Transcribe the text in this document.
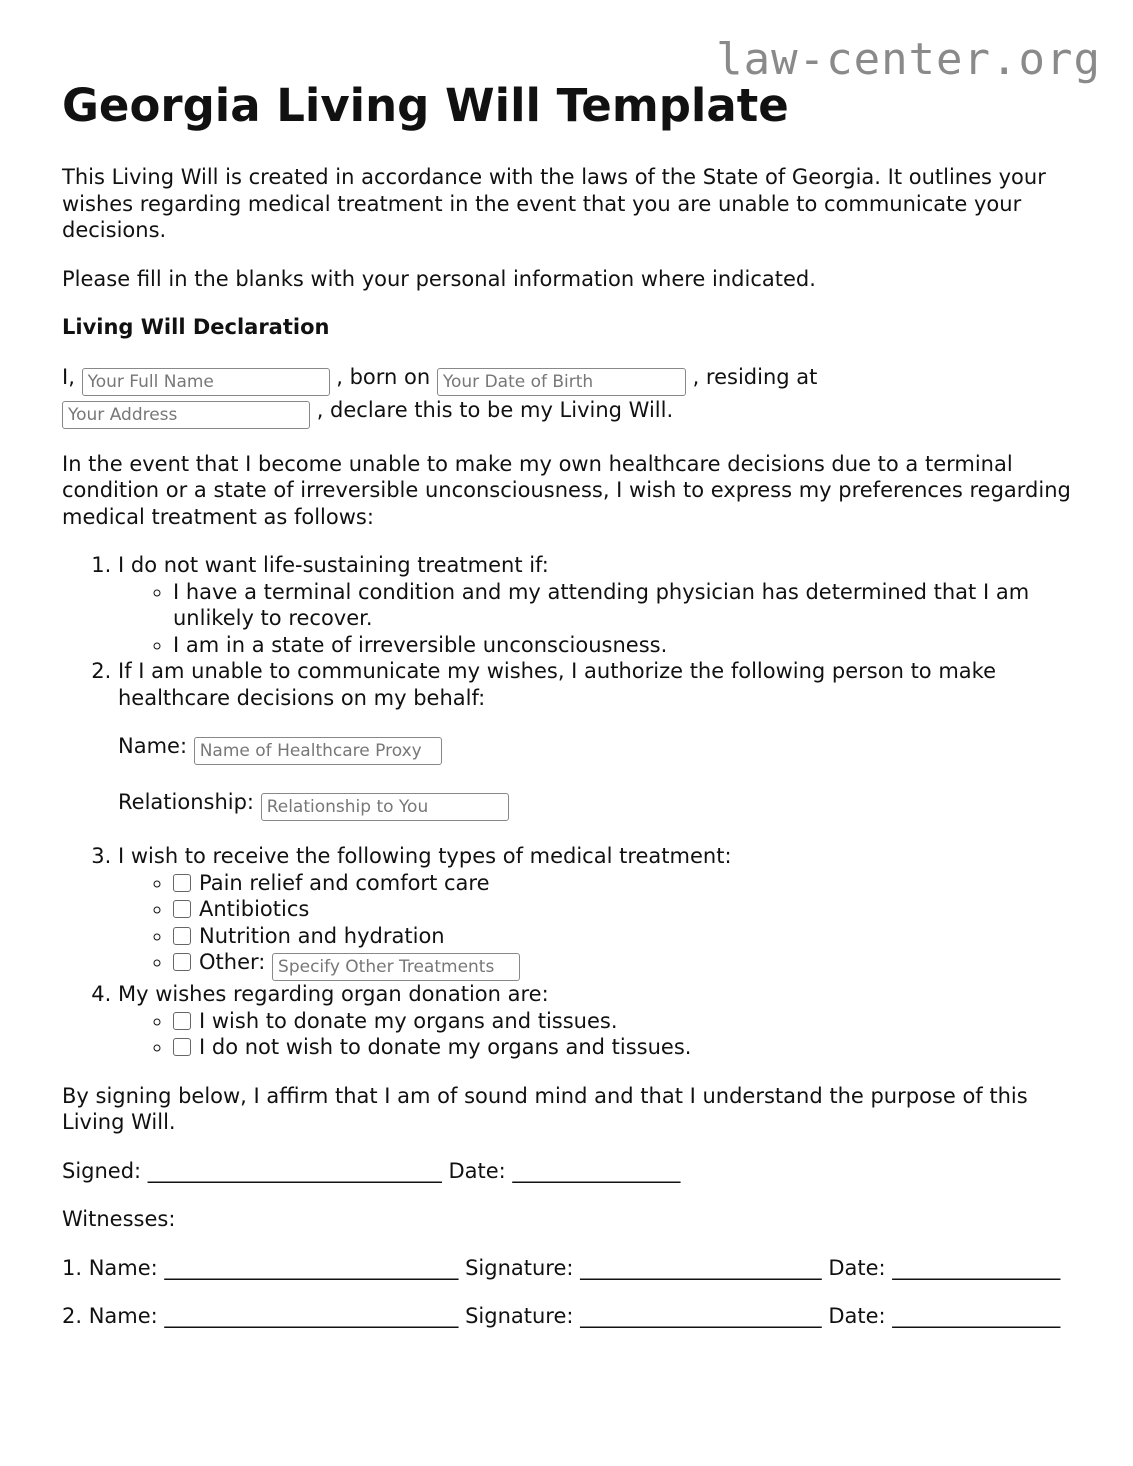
law-center.org
Georgia Living Will Template

This Living Will is created in accordance with the laws of the State of Georgia. It outlines your wishes regarding medical treatment in the event that you are unable to communicate your decisions.

Please fill in the blanks with your personal information where indicated.

Living Will Declaration

I, Your Full Name	, born on Your Date of Birth	, residing at Your Address , declare this to be my Living Will.

In the event that I become unable to make my own healthcare decisions due to a terminal condition or a state of irreversible unconsciousness, I wish to express my preferences regarding medical treatment as follows:

1. I do not want life-sustaining treatment if:
◦ I have a terminal condition and my attending physician has determined that I am unlikely to recover.
◦ I am in a state of irreversible unconsciousness.
2. If I am unable to communicate my wishes, I authorize the following person to make healthcare decisions on my behalf:
Name: Name of Healthcare Proxy
Relationship: Relationship to You
3. I wish to receive the following types of medical treatment:
◦ Pain relief and comfort care
◦ Antibiotics
◦ Nutrition and hydration
◦ Other: Specify Other Treatments
4. My wishes regarding organ donation are:
◦ I wish to donate my organs and tissues.
◦ I do not wish to donate my organs and tissues.

By signing below, I affirm that I am of sound mind and that I understand the purpose of this Living Will.

Signed: ____________________________ Date: ________________

Witnesses:

1. Name: ____________________________ Signature: _______________________ Date: ________________

2. Name: ____________________________ Signature: _______________________ Date: ________________
